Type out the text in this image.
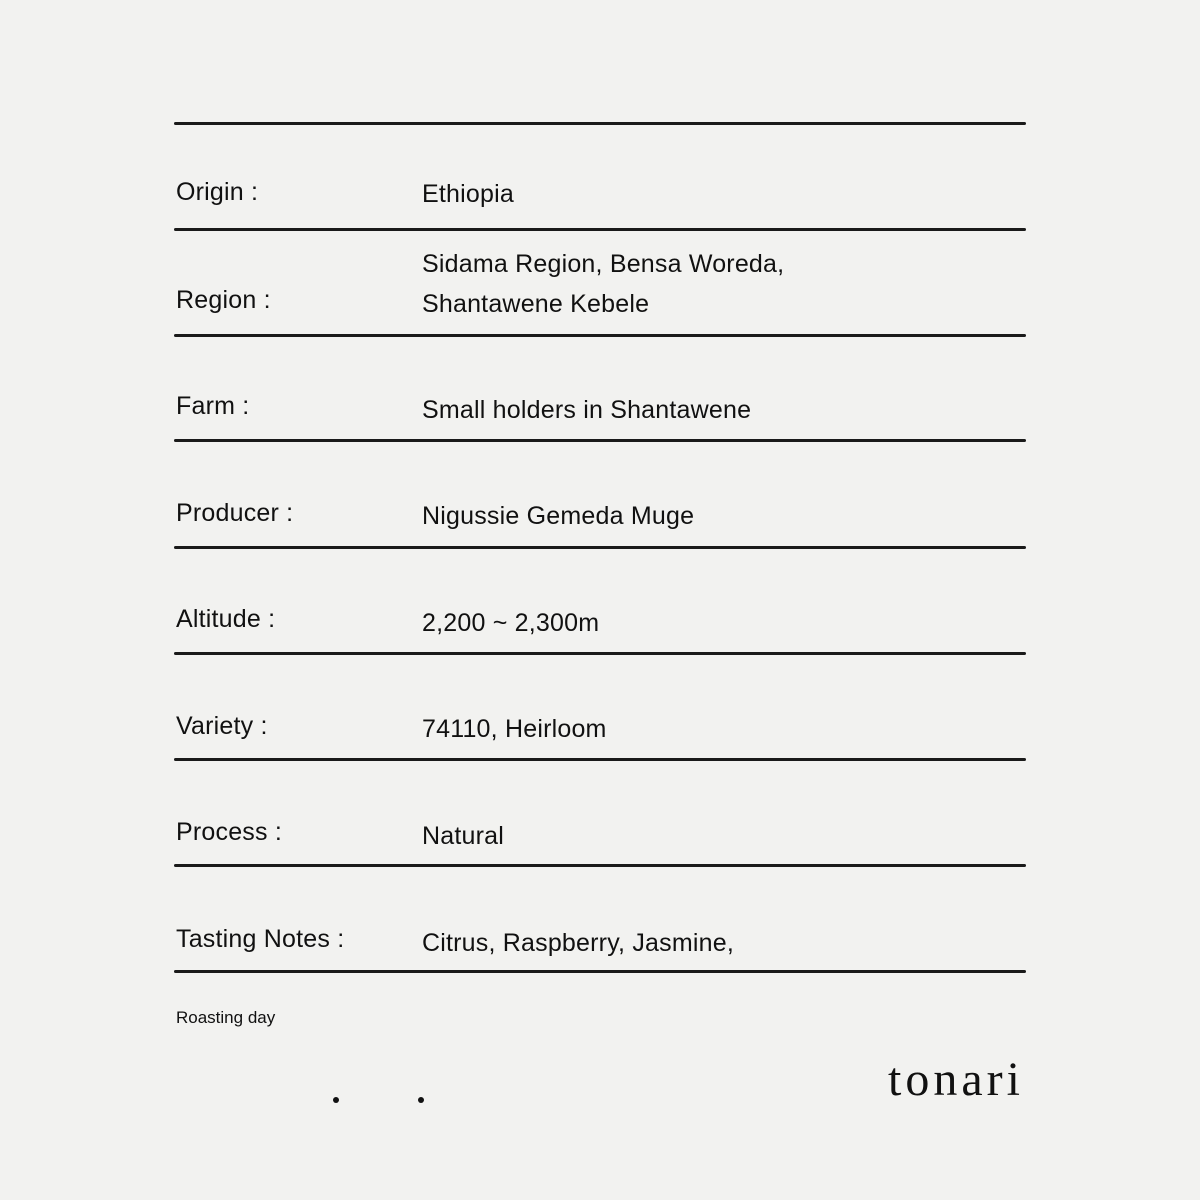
Origin :	Ethiopia
Region :
Sidama Region, Bensa Woreda,
Shantawene Kebele
Farm :	Small holders in Shantawene
Producer :	Nigussie Gemeda Muge
Altitude :	2,200 ~ 2,300m
Variety :	74110, Heirloom
Process :	Natural
Tasting Notes :	Citrus, Raspberry, Jasmine,
Roasting day
tonari
